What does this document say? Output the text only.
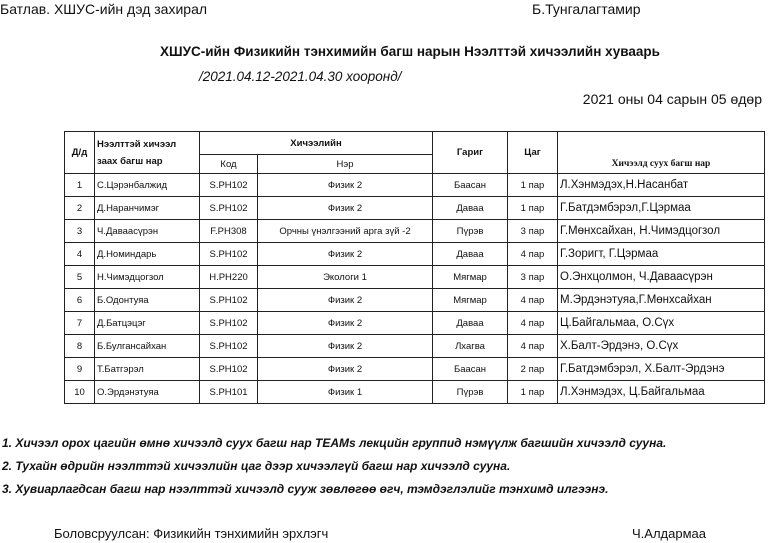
Батлав. ХШУС-ийн дэд захирал	Б.Тунгалагтамир
ХШУС-ийн Физикийн тэнхимийн багш нарын Нээлттэй хичээлийн хуваарь
/2021.04.12-2021.04.30 хооронд/
2021 оны 04 сарын 05 өдөр
Д/д	Нээлттэй хичээл заах багш нар	Хичээлийн		Гариг	Цаг	Хичээлд суух багш нар
		Код	Нэр			
1	С.Цэрэнбалжид	S.PH102	Физик 2	Баасан	1 пар	Л.Хэнмэдэх,Н.Насанбат
2	Д.Наранчимэг	S.PH102	Физик 2	Даваа	1 пар	Г.Батдэмбэрэл,Г.Цэрмаа
3	Ч.Даваасүрэн	F.PH308	Орчны үнэлгээний арга зүй -2	Пүрэв	3 пар	Г.Мөнхсайхан, Н.Чимэдцогзол
4	Д.Номиндарь	S.PH102	Физик 2	Даваа	4 пар	Г.Зоригт, Г.Цэрмаа
5	Н.Чимэдцогзол	H.PH220	Экологи 1	Мягмар	3 пар	О.Энхцолмон, Ч.Даваасүрэн
6	Б.Одонтуяа	S.PH102	Физик 2	Мягмар	4 пар	М.Эрдэнэтуяа,Г.Мөнхсайхан
7	Д.Батцэцэг	S.PH102	Физик 2	Даваа	4 пар	Ц.Байгальмаа, О.Сүх
8	Б.Булгансайхан	S.PH102	Физик 2	Лхагва	4 пар	Х.Балт-Эрдэнэ, О.Сүх
9	Т.Батгэрэл	S.PH102	Физик 2	Баасан	2 пар	Г.Батдэмбэрэл, Х.Балт-Эрдэнэ
10	О.Эрдэнэтуяа	S.PH101	Физик 1	Пүрэв	1 пар	Л.Хэнмэдэх, Ц.Байгальмаа
1. Хичээл орох цагийн өмнө хичээлд суух багш нар TEAMs лекцийн группид нэмүүлж багшийн хичээлд сууна.
2. Тухайн өдрийн нээлттэй хичээлийн цаг дээр хичээлгүй багш нар хичээлд сууна.
3. Хувиарлагдсан багш нар нээлттэй хичээлд сууж зөвлөгөө өгч, тэмдэглэлийг тэнхимд илгээнэ.
Боловсруулсан: Физикийн тэнхимийн эрхлэгч	Ч.Алдармаа
